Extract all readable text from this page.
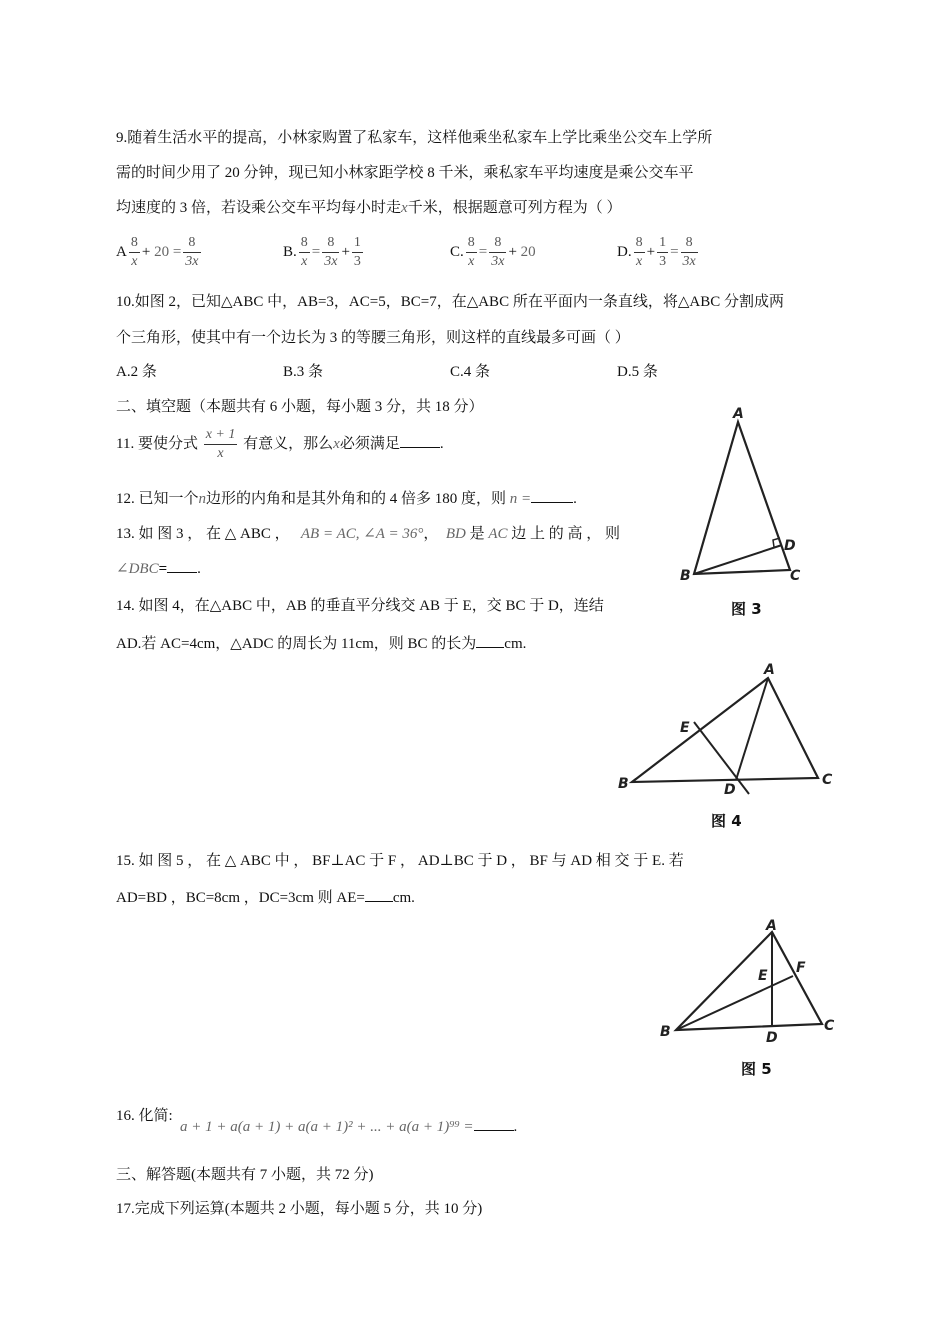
9.随着生活水平的提高，小林家购置了私家车，这样他乘坐私家车上学比乘坐公交车上学所
需的时间少用了 20 分钟，现已知小林家距学校 8 千米，乘私家车平均速度是乘公交车平
均速度的 3 倍，若设乘公交车平均每小时走x千米，根据题意可列方程为（ ）
A $\frac{8}{x} + 20 = \frac{8}{3x}$	B. $\frac{8}{x} = \frac{8}{3x} + \frac{1}{3}$	C. $\frac{8}{x} = \frac{8}{3x} + 20$	D. $\frac{8}{x} + \frac{1}{3} = \frac{8}{3x}$
10.如图 2，已知△ABC 中，AB=3，AC=5，BC=7，在△ABC 所在平面内一条直线，将△ABC 分割成两
个三角形，使其中有一个边长为 3 的等腰三角形，则这样的直线最多可画（ ）
A.2 条	B.3 条	C.4 条	D.5 条
二、填空题（本题共有 6 小题，每小题 3 分，共 18 分）
11. 要使分式 $\frac{x + 1}{x}$ 有意义，那么x必须满足	.
12. 已知一个n边形的内角和是其外角和的 4 倍多 180 度，则 n =	.
13. 如 图 3 ， 在 △ ABC ， AB = AC, ∠A = 36°， BD 是 AC 边 上 的 高 ， 则
∠DBC= .
14. 如图 4，在△ABC 中，AB 的垂直平分线交 AB 于 E，交 BC 于 D，连结
AD.若 AC=4cm，△ADC 的周长为 11cm，则 BC 的长为 cm.
15. 如 图 5 ， 在 △ ABC 中 ， BF⊥AC 于 F ， AD⊥BC 于 D ， BF 与 AD 相 交 于 E. 若
AD=BD ，BC=8cm ，DC=3cm 则 AE= cm.
16. 化简:
a + 1 + a(a + 1) + a(a + 1)² + ... + a(a + 1)⁹⁹ =	.
三、解答题(本题共有 7 小题，共 72 分)
17.完成下列运算(本题共 2 小题，每小题 5 分，共 10 分)
A
B	C
D
图 3
A
B	C
D
E
图 4
A
B	C
D
E F
图 5
